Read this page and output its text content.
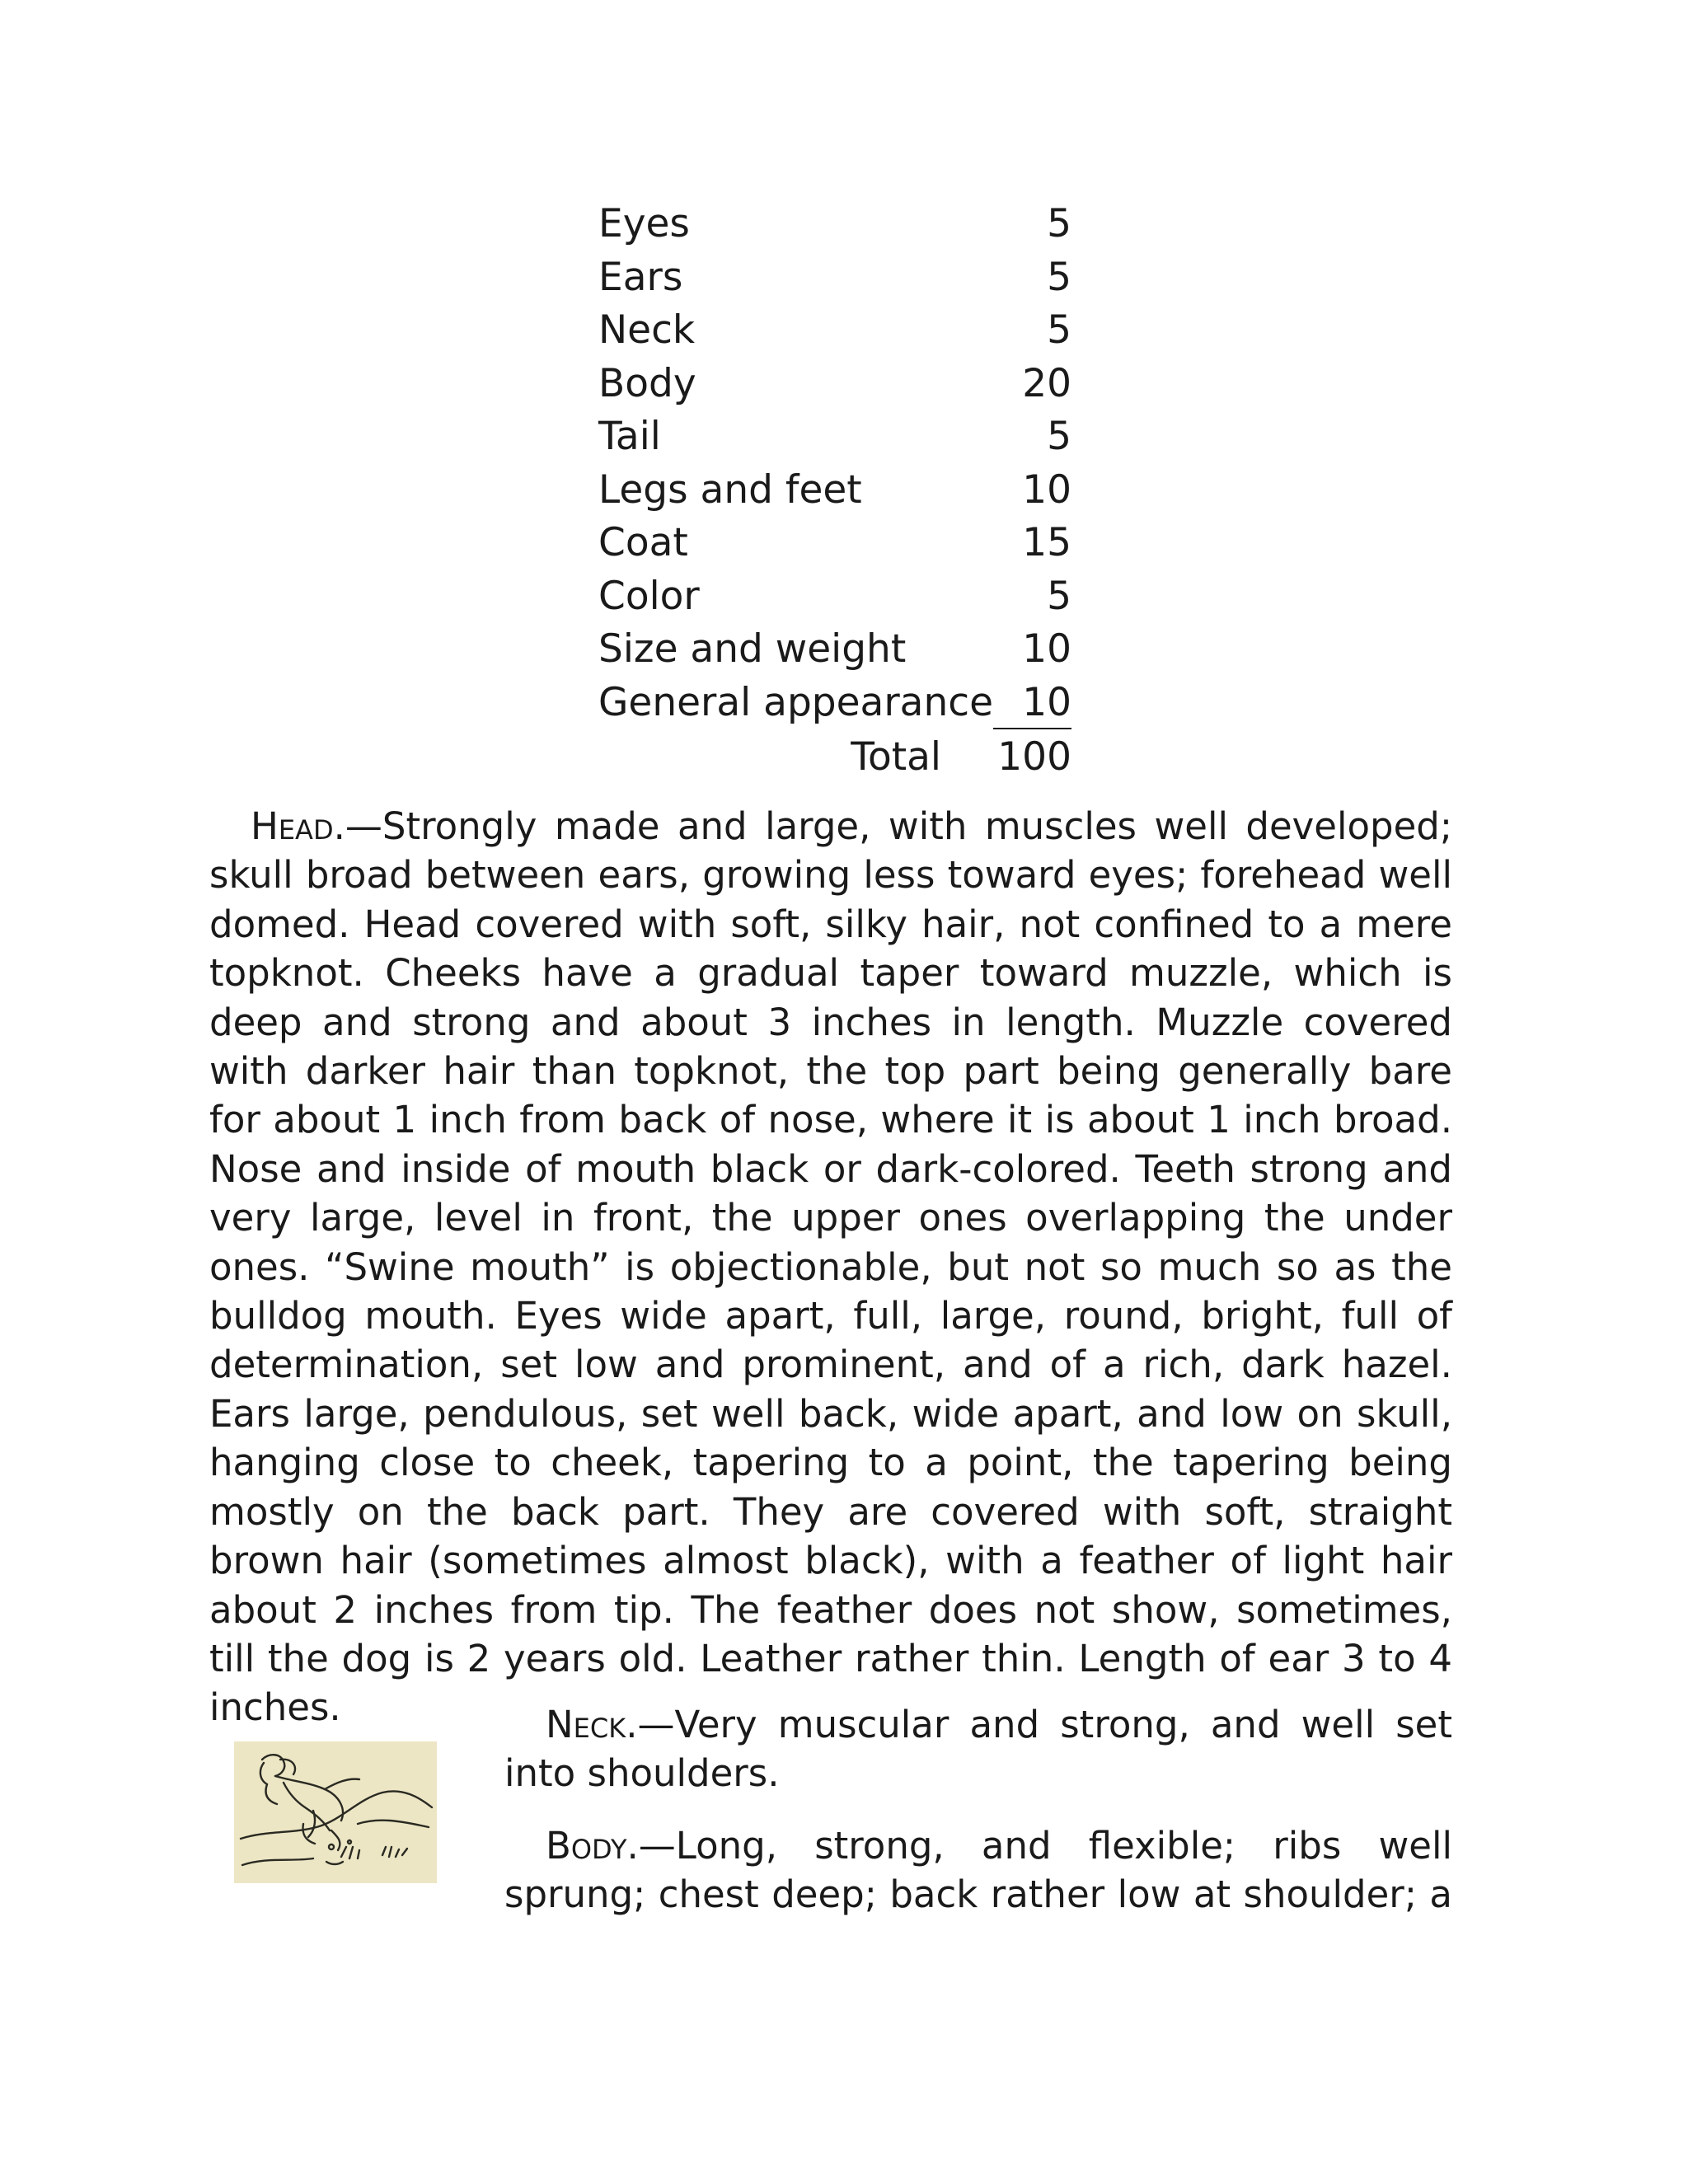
Eyes	5
Ears	5
Neck	5
Body	20
Tail	5
Legs and feet	10
Coat	15
Color	5
Size and weight	10
General appearance 10
Total	100

Head.—Strongly made and large, with muscles well developed; skull broad between ears, growing less toward eyes; forehead well domed. Head covered with soft, silky hair, not confined to a mere topknot. Cheeks have a gradual taper toward muzzle, which is deep and strong and about 3 inches in length. Muzzle covered with darker hair than topknot, the top part being generally bare for about 1 inch from back of nose, where it is about 1 inch broad. Nose and inside of mouth black or dark-colored. Teeth strong and very large, level in front, the upper ones overlapping the under ones. “Swine mouth” is objectionable, but not so much so as the bulldog mouth. Eyes wide apart, full, large, round, bright, full of determination, set low and prominent, and of a rich, dark hazel. Ears large, pendulous, set well back, wide apart, and low on skull, hanging close to cheek, tapering to a point, the tapering being mostly on the back part. They are covered with soft, straight brown hair (sometimes almost black), with a feather of light hair about 2 inches from tip. The feather does not show, sometimes, till the dog is 2 years old. Leather rather thin. Length of ear 3 to 4 inches.	Neck.—Very muscular and strong, and well set into shoulders.

Body.—Long, strong, and flexible; ribs well sprung; chest deep; back rather low at shoulder; a
